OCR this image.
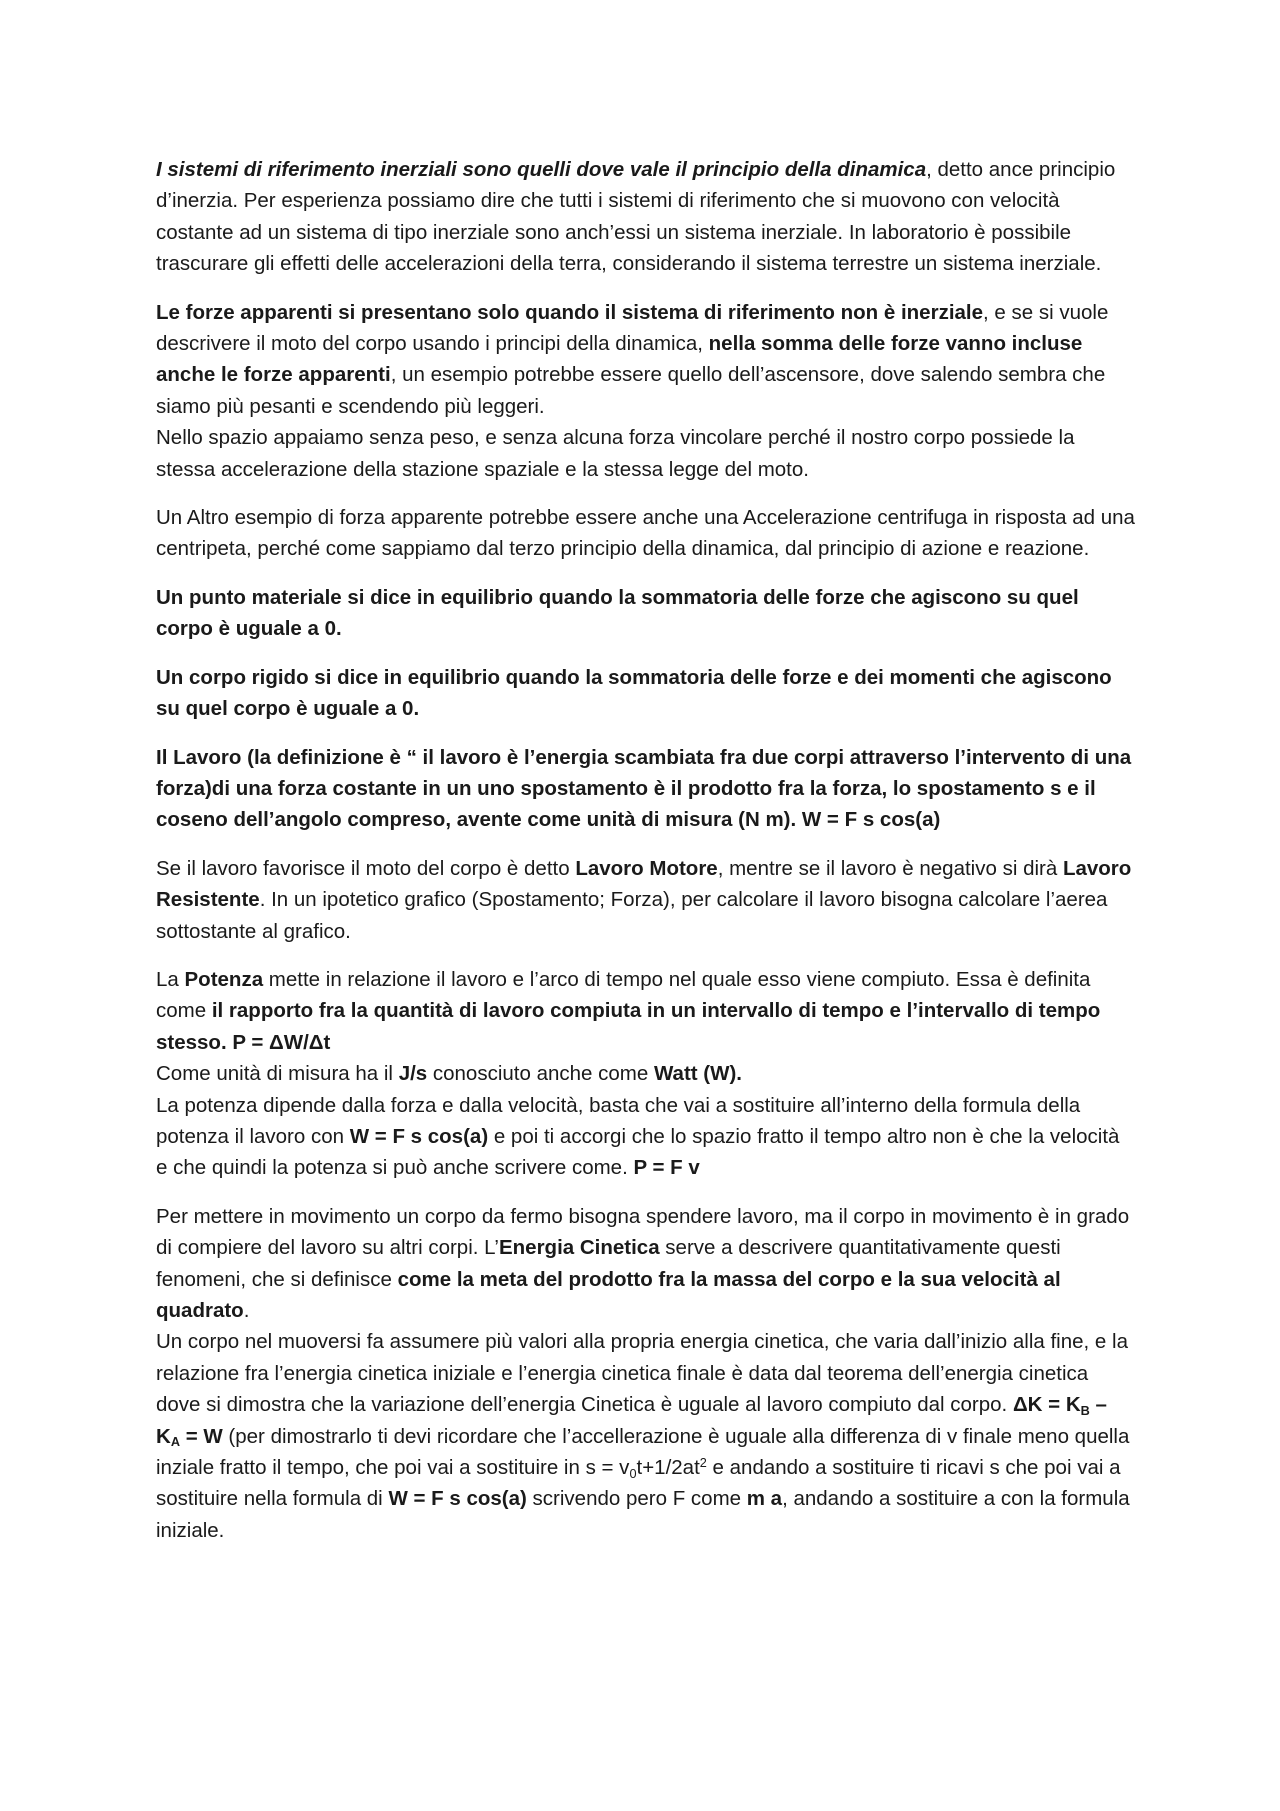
I sistemi di riferimento inerziali sono quelli dove vale il principio della dinamica, detto ance principio d’inerzia. Per esperienza possiamo dire che tutti i sistemi di riferimento che si muovono con velocità costante ad un sistema di tipo inerziale sono anch’essi un sistema inerziale. In laboratorio è possibile trascurare gli effetti delle accelerazioni della terra, considerando il sistema terrestre un sistema inerziale.

Le forze apparenti si presentano solo quando il sistema di riferimento non è inerziale, e se si vuole descrivere il moto del corpo usando i principi della dinamica, nella somma delle forze vanno incluse anche le forze apparenti, un esempio potrebbe essere quello dell’ascensore, dove salendo sembra che siamo più pesanti e scendendo più leggeri.

Nello spazio appaiamo senza peso, e senza alcuna forza vincolare perché il nostro corpo possiede la stessa accelerazione della stazione spaziale e la stessa legge del moto.

Un Altro esempio di forza apparente potrebbe essere anche una Accelerazione centrifuga in risposta ad una centripeta, perché come sappiamo dal terzo principio della dinamica, dal principio di azione e reazione.

Un punto materiale si dice in equilibrio quando la sommatoria delle forze che agiscono su quel corpo è uguale a 0.

Un corpo rigido si dice in equilibrio quando la sommatoria delle forze e dei momenti che agiscono su quel corpo è uguale a 0.

Il Lavoro (la definizione è “ il lavoro è l’energia scambiata fra due corpi attraverso l’intervento di una forza)di una forza costante in un uno spostamento è il prodotto fra la forza, lo spostamento s e il coseno dell’angolo compreso, avente come unità di misura (N m). W = F s cos(a)

Se il lavoro favorisce il moto del corpo è detto Lavoro Motore, mentre se il lavoro è negativo si dirà Lavoro Resistente. In un ipotetico grafico (Spostamento; Forza), per calcolare il lavoro bisogna calcolare l’aerea sottostante al grafico.

La Potenza mette in relazione il lavoro e l’arco di tempo nel quale esso viene compiuto. Essa è definita come il rapporto fra la quantità di lavoro compiuta in un intervallo di tempo e l’intervallo di tempo stesso. P = ΔW/Δt

Come unità di misura ha il J/s conosciuto anche come Watt (W).

La potenza dipende dalla forza e dalla velocità, basta che vai a sostituire all’interno della formula della potenza il lavoro con W = F s cos(a) e poi ti accorgi che lo spazio fratto il tempo altro non è che la velocità e che quindi la potenza si può anche scrivere come. P = F v

Per mettere in movimento un corpo da fermo bisogna spendere lavoro, ma il corpo in movimento è in grado di compiere del lavoro su altri corpi. L’Energia Cinetica serve a descrivere quantitativamente questi fenomeni, che si definisce come la meta del prodotto fra la massa del corpo e la sua velocità al quadrato.

Un corpo nel muoversi fa assumere più valori alla propria energia cinetica, che varia dall’inizio alla fine, e la relazione fra l’energia cinetica iniziale e l’energia cinetica finale è data dal teorema dell’energia cinetica dove si dimostra che la variazione dell’energia Cinetica è uguale al lavoro compiuto dal corpo. $\Delta K = K_B - K_A = W$ (per dimostrarlo ti devi ricordare che l’accellerazione è uguale alla differenza di v finale meno quella inziale fratto il tempo, che poi vai a sostituire in $s = v_0t+1/2at^2$ e andando a sostituire ti ricavi s che poi vai a sostituire nella formula di W = F s cos(a) scrivendo pero F come m a, andando a sostituire a con la formula iniziale.
